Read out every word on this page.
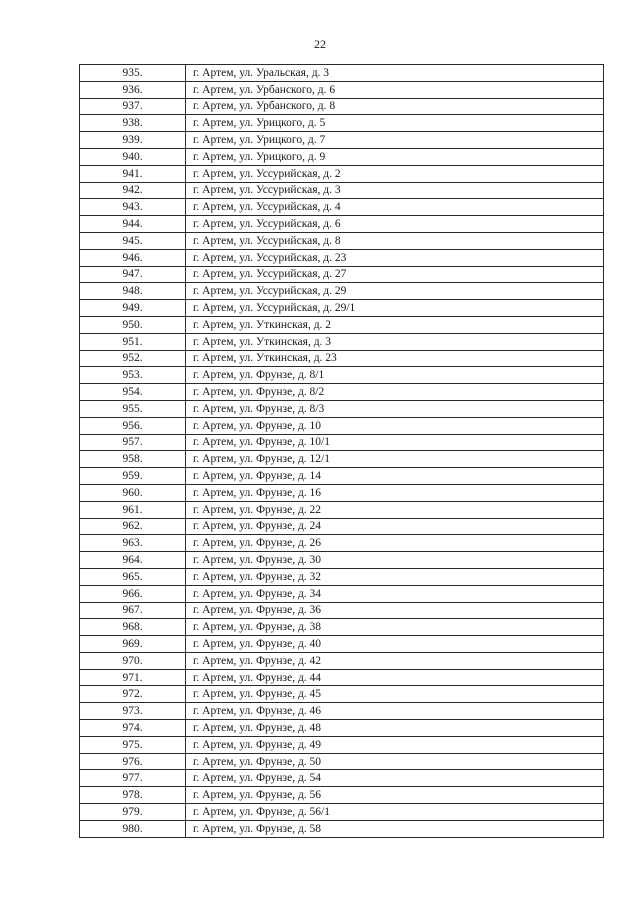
22
935.	г. Артем, ул. Уральская, д. 3
936.	г. Артем, ул. Урбанского, д. 6
937.	г. Артем, ул. Урбанского, д. 8
938.	г. Артем, ул. Урицкого, д. 5
939.	г. Артем, ул. Урицкого, д. 7
940.	г. Артем, ул. Урицкого, д. 9
941.	г. Артем, ул. Уссурийская, д. 2
942.	г. Артем, ул. Уссурийская, д. 3
943.	г. Артем, ул. Уссурийская, д. 4
944.	г. Артем, ул. Уссурийская, д. 6
945.	г. Артем, ул. Уссурийская, д. 8
946.	г. Артем, ул. Уссурийская, д. 23
947.	г. Артем, ул. Уссурийская, д. 27
948.	г. Артем, ул. Уссурийская, д. 29
949.	г. Артем, ул. Уссурийская, д. 29/1
950.	г. Артем, ул. Уткинская, д. 2
951.	г. Артем, ул. Уткинская, д. 3
952.	г. Артем, ул. Уткинская, д. 23
953.	г. Артем, ул. Фрунзе, д. 8/1
954.	г. Артем, ул. Фрунзе, д. 8/2
955.	г. Артем, ул. Фрунзе, д. 8/3
956.	г. Артем, ул. Фрунзе, д. 10
957.	г. Артем, ул. Фрунзе, д. 10/1
958.	г. Артем, ул. Фрунзе, д. 12/1
959.	г. Артем, ул. Фрунзе, д. 14
960.	г. Артем, ул. Фрунзе, д. 16
961.	г. Артем, ул. Фрунзе, д. 22
962.	г. Артем, ул. Фрунзе, д. 24
963.	г. Артем, ул. Фрунзе, д. 26
964.	г. Артем, ул. Фрунзе, д. 30
965.	г. Артем, ул. Фрунзе, д. 32
966.	г. Артем, ул. Фрунзе, д. 34
967.	г. Артем, ул. Фрунзе, д. 36
968.	г. Артем, ул. Фрунзе, д. 38
969.	г. Артем, ул. Фрунзе, д. 40
970.	г. Артем, ул. Фрунзе, д. 42
971.	г. Артем, ул. Фрунзе, д. 44
972.	г. Артем, ул. Фрунзе, д. 45
973.	г. Артем, ул. Фрунзе, д. 46
974.	г. Артем, ул. Фрунзе, д. 48
975.	г. Артем, ул. Фрунзе, д. 49
976.	г. Артем, ул. Фрунзе, д. 50
977.	г. Артем, ул. Фрунзе, д. 54
978.	г. Артем, ул. Фрунзе, д. 56
979.	г. Артем, ул. Фрунзе, д. 56/1
980.	г. Артем, ул. Фрунзе, д. 58
